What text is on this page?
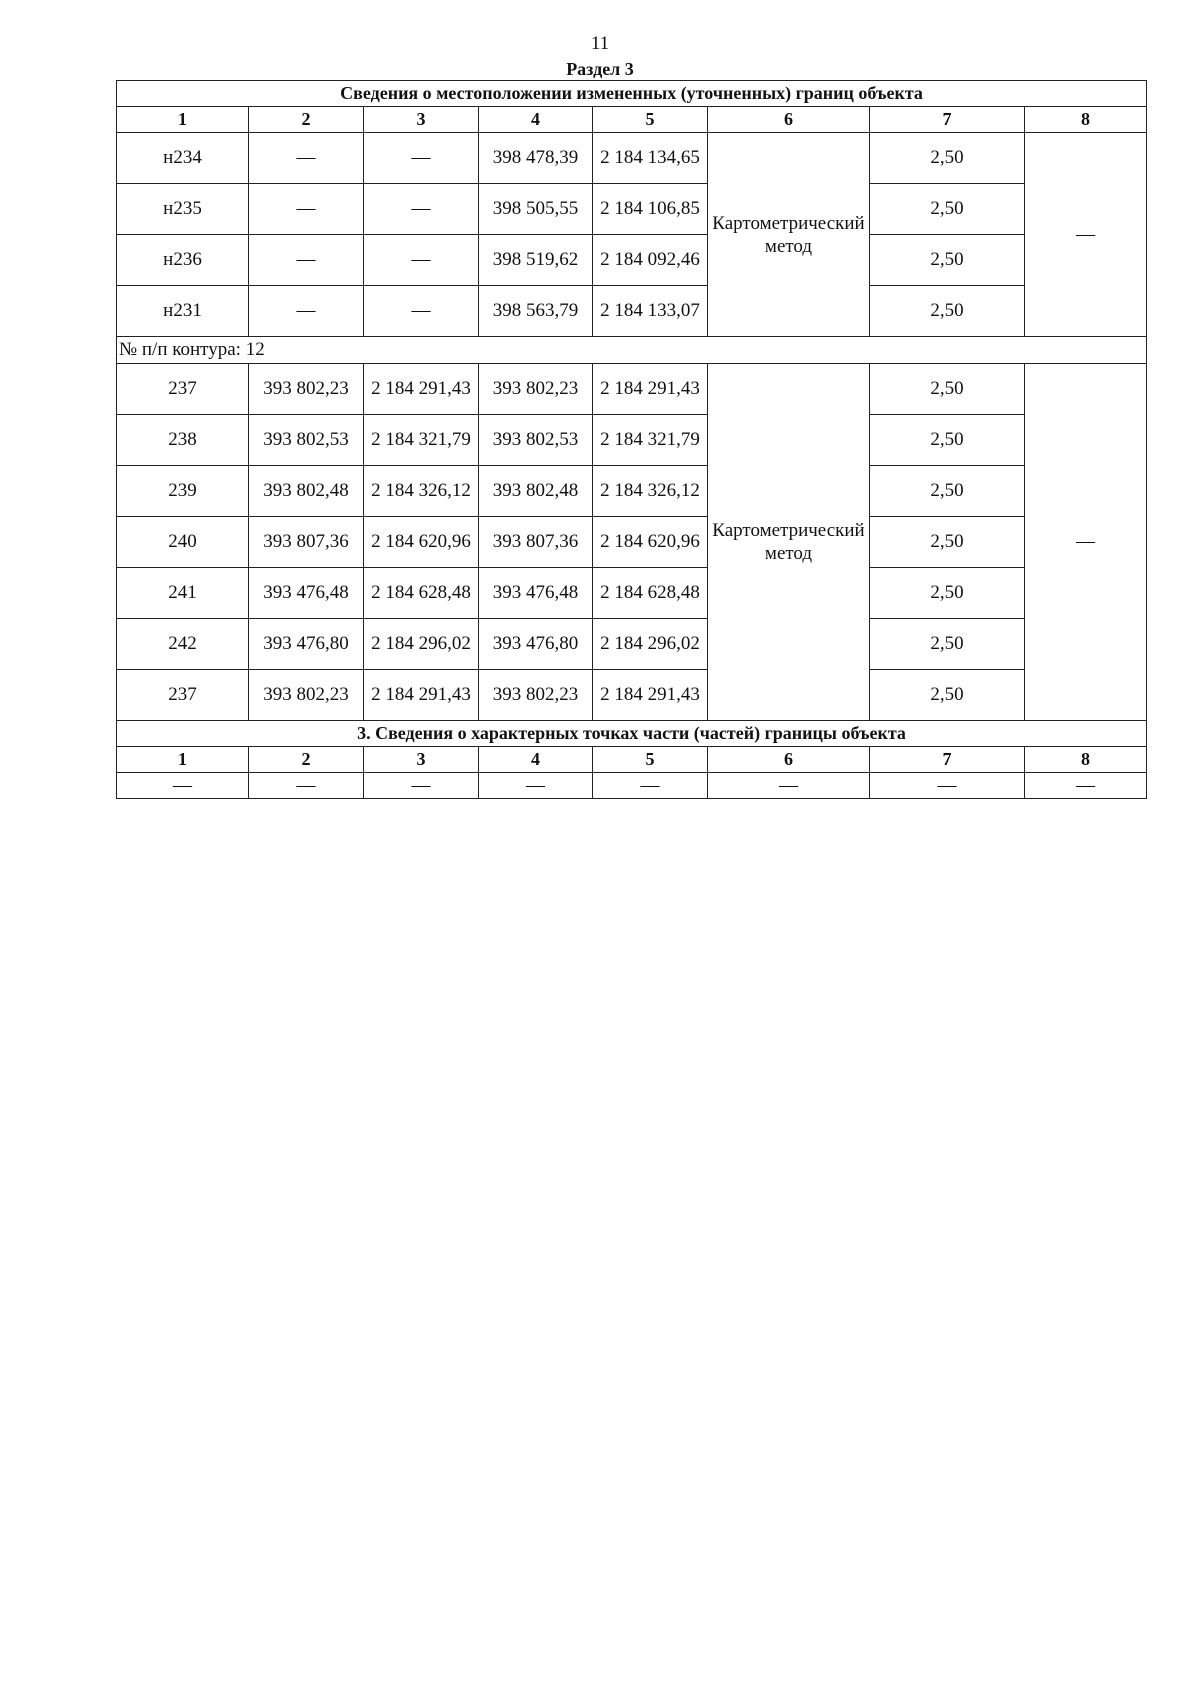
11
Раздел 3
Сведения о местоположении измененных (уточненных) границ объекта							
1	2	3	4	5	6	7	8
н234	—	—	398 478,39	2 184 134,65	Картометрический метод	2,50	—
н235	—	—	398 505,55	2 184 106,85		2,50	
н236	—	—	398 519,62	2 184 092,46		2,50	
н231	—	—	398 563,79	2 184 133,07		2,50	
№ п/п контура: 12							
237	393 802,23	2 184 291,43	393 802,23	2 184 291,43	Картометрический метод	2,50	—
238	393 802,53	2 184 321,79	393 802,53	2 184 321,79		2,50	
239	393 802,48	2 184 326,12	393 802,48	2 184 326,12		2,50	
240	393 807,36	2 184 620,96	393 807,36	2 184 620,96		2,50	
241	393 476,48	2 184 628,48	393 476,48	2 184 628,48		2,50	
242	393 476,80	2 184 296,02	393 476,80	2 184 296,02		2,50	
237	393 802,23	2 184 291,43	393 802,23	2 184 291,43		2,50	
3. Сведения о характерных точках части (частей) границы объекта							
1	2	3	4	5	6	7	8
—	—	—	—	—	—	—	—
